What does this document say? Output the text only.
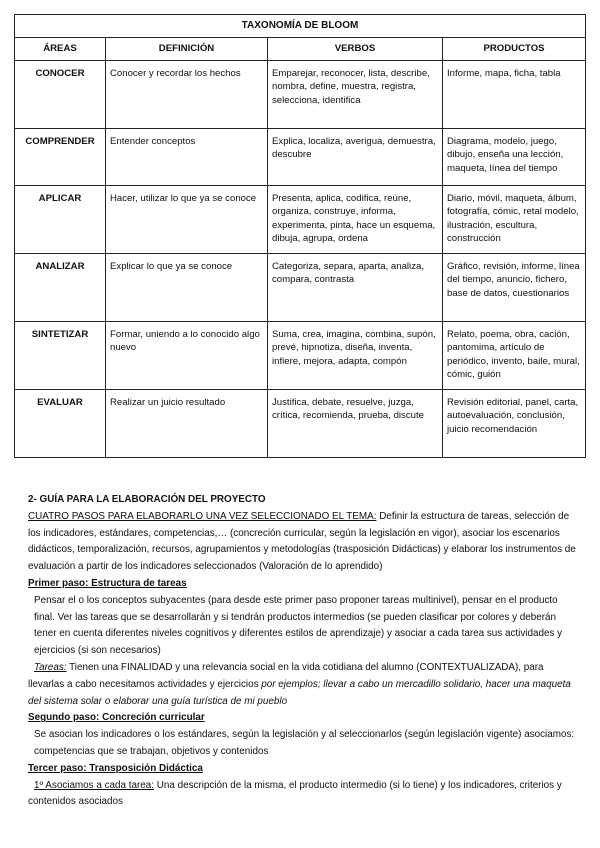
TAXONOMÍA DE BLOOM			
ÁREAS	DEFINICIÓN	VERBOS	PRODUCTOS
CONOCER	Conocer y recordar los hechos	Emparejar, reconocer, lista, describe, nombra, define, muestra, registra, selecciona, identifica	Informe, mapa, ficha, tabla
COMPRENDER	Entender conceptos	Explica, localiza, averigua, demuestra, descubre	Diagrama, modelo, juego, dibujo, enseña una lección, maqueta, línea del tiempo
APLICAR	Hacer, utilizar lo que ya se conoce	Presenta, aplica, codifica, reúne, organiza, construye, informa, experimenta, pinta, hace un esquema, dibuja, agrupa, ordena	Diario, móvil, maqueta, álbum, fotografía, cómic, retal modelo, ilustración, escultura, construcción
ANALIZAR	Explicar lo que ya se conoce	Categoriza, separa, aparta, analiza, compara, contrasta	Gráfico, revisión, informe, línea del tiempo, anuncio, fichero, base de datos, cuestionarios
SINTETIZAR	Formar, uniendo a lo conocido algo nuevo	Suma, crea, imagina, combina, supón, prevé, hipnotiza, diseña, inventa, infiere, mejora, adapta, compón	Relato, poema, obra, cación, pantomima, artículo de periódico, invento, baile, mural, cómic, guión
EVALUAR	Realizar un juicio resultado	Justifica, debate, resuelve, juzga, crítica, recomienda, prueba, discute	Revisión editorial, panel, carta, autoevaluación, conclusión, juicio recomendación

2- GUÍA PARA LA ELABORACIÓN DEL PROYECTO

CUATRO PASOS PARA ELABORARLO UNA VEZ SELECCIONADO EL TEMA: Definir la estructura de tareas, selección de los indicadores, estándares, competencias,… (concreción curricular, según la legislación en vigor), asociar los escenarios didácticos, temporalización, recursos, agrupamientos y metodologías (trasposición Didácticas) y elaborar los instrumentos de evaluación a partir de los indicadores seleccionados (Valoración de lo aprendido)

Primer paso: Estructura de tareas

Pensar el o los conceptos subyacentes (para desde este primer paso proponer tareas multinivel), pensar en el producto final. Ver las tareas que se desarrollarán y si tendrán productos intermedios (se pueden clasificar por colores y deberán tener en cuenta diferentes niveles cognitivos y diferentes estilos de aprendizaje) y asociar a cada tarea sus actividades y ejercicios (si son necesarios)

Tareas: Tienen una FINALIDAD y una relevancia social en la vida cotidiana del alumno (CONTEXTUALIZADA), para llevarlas a cabo necesitamos actividades y ejercicios por ejemplos; llevar a cabo un mercadillo solidario, hacer una maqueta del sistema solar o elaborar una guía turística de mi pueblo

Segundo paso: Concreción curricular

Se asocian los indicadores o los estándares, según la legislación y al seleccionarlos (según legislación vigente) asociamos: competencias que se trabajan, objetivos y contenidos

Tercer paso: Transposición Didáctica

1º Asociamos a cada tarea: Una descripción de la misma, el producto intermedio (si lo tiene) y los indicadores, criterios y contenidos asociados
